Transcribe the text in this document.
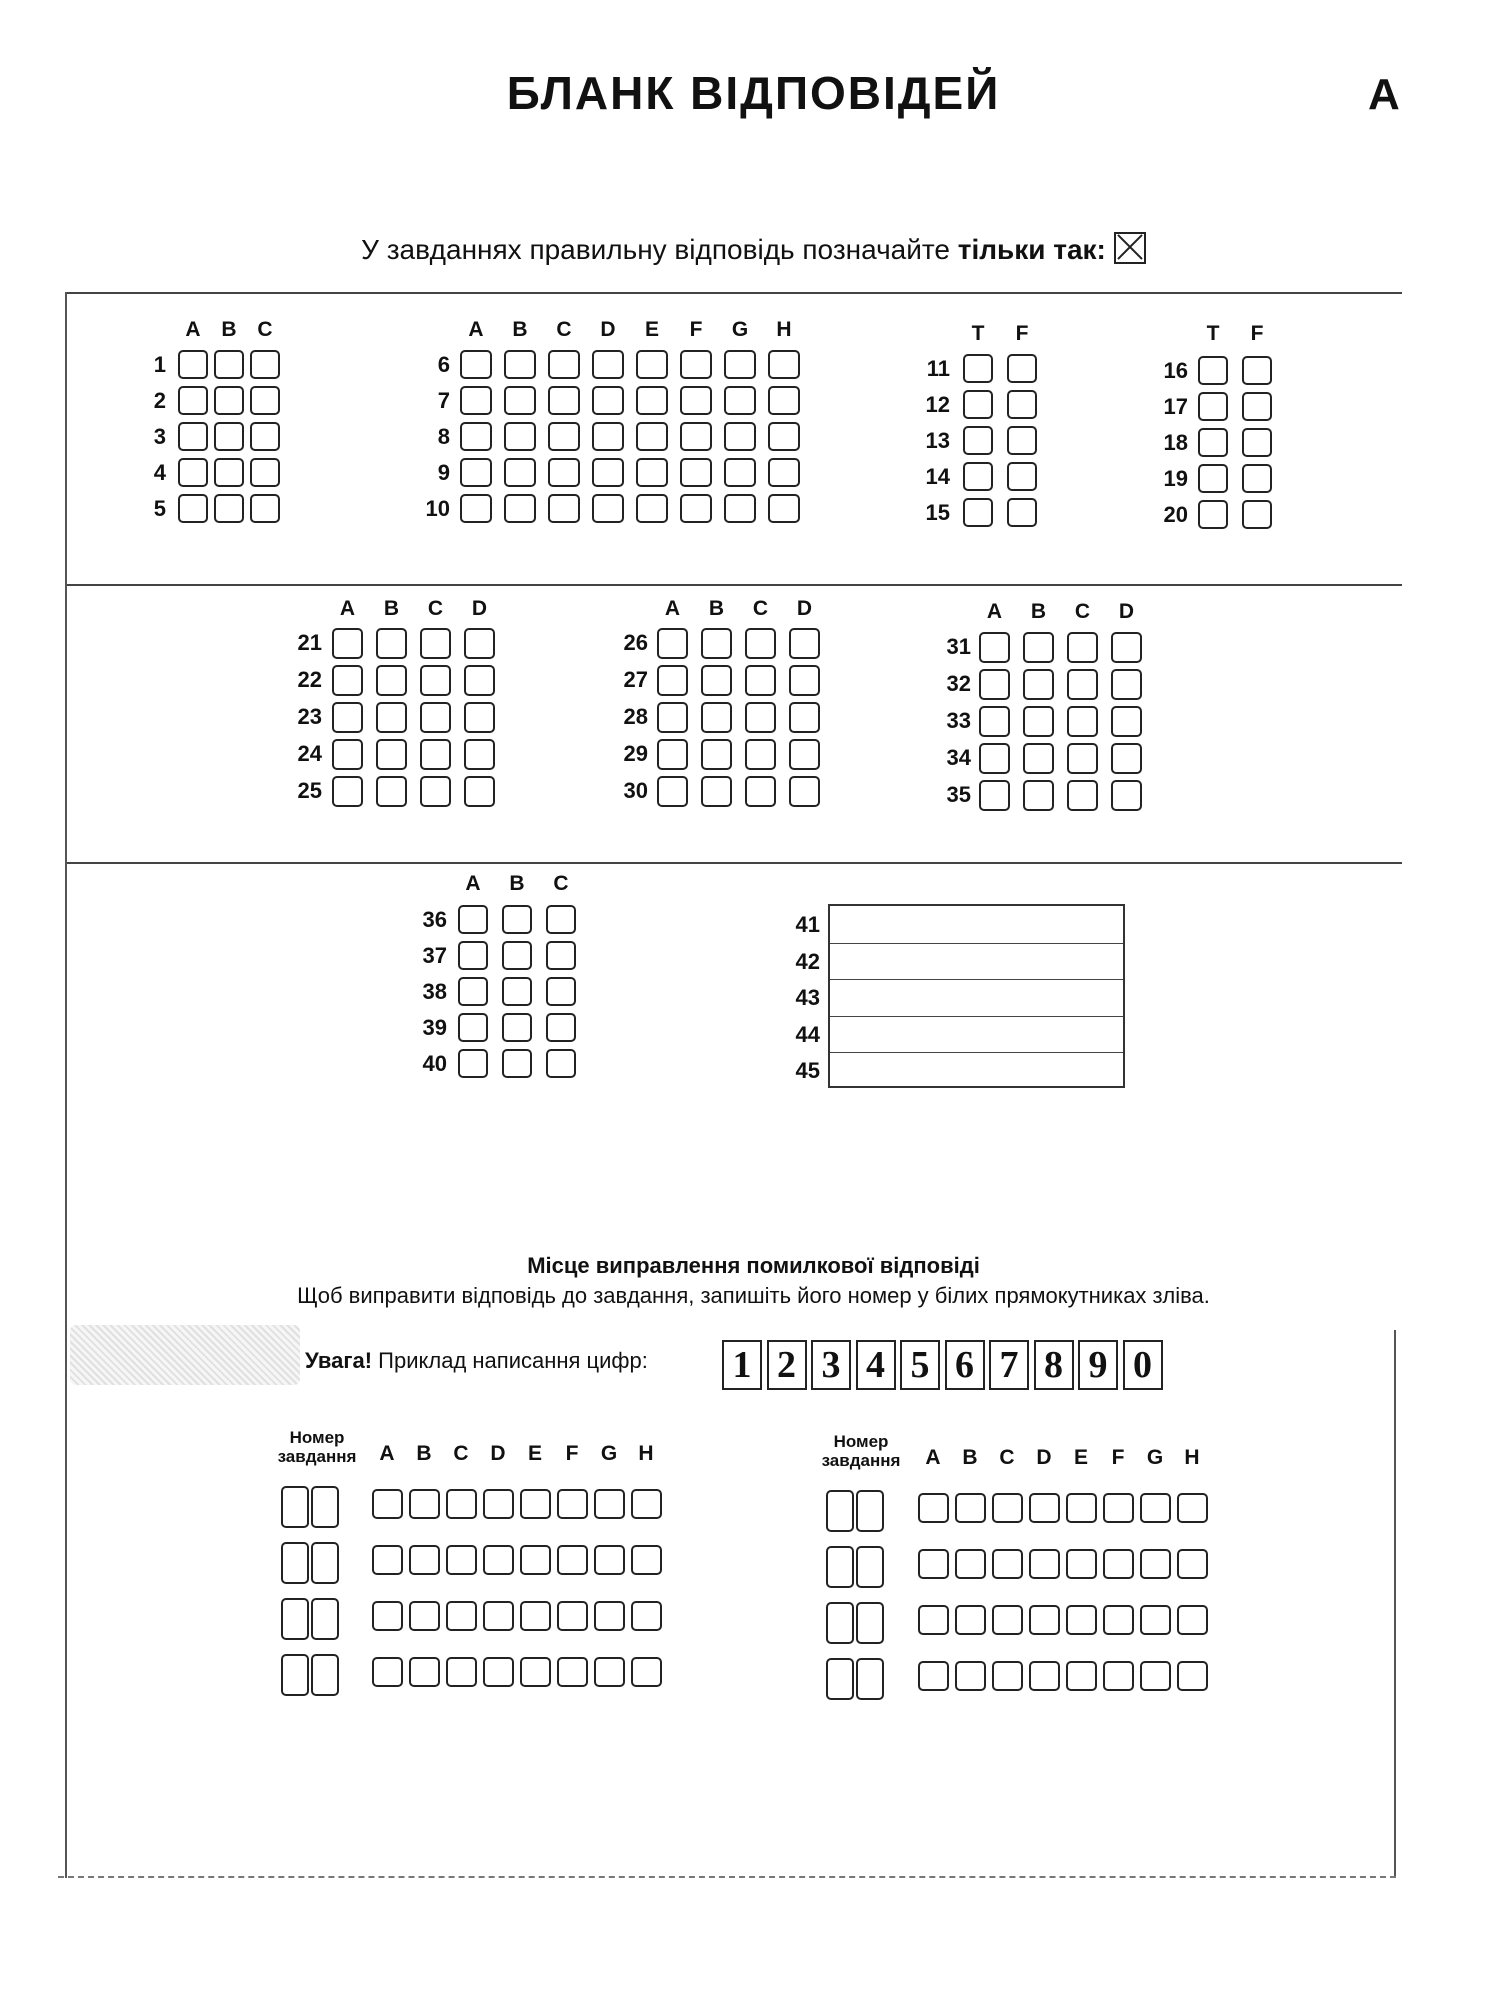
БЛАНК ВІДПОВІДЕЙ	А
У завданнях правильну відповідь позначайте тільки так:
A B C
1
2
3
4
5
A	B	C	D	E	F	G	H
6
7
8
9
10
T	F
11
12
13
14
15
T	F
16
17
18
19
20
A	B	C	D
21
22
23
24
25
A	B	C	D
26
27
28
29
30
A	B	C	D
31
32
33
34
35
A	B	C
36
37
38
39
40
41
42
43
44
45
Місце виправлення помилкової відповіді
Щоб виправити відповідь до завдання, запишіть його номер у білих прямокутниках зліва.
Увага! Приклад написання цифр: 1 2 3 4 5 6 7 8 9 0
Номер завдання	A	B	C	D	E	F	G	H
Номер завдання	A	B	C	D	E	F	G	H
